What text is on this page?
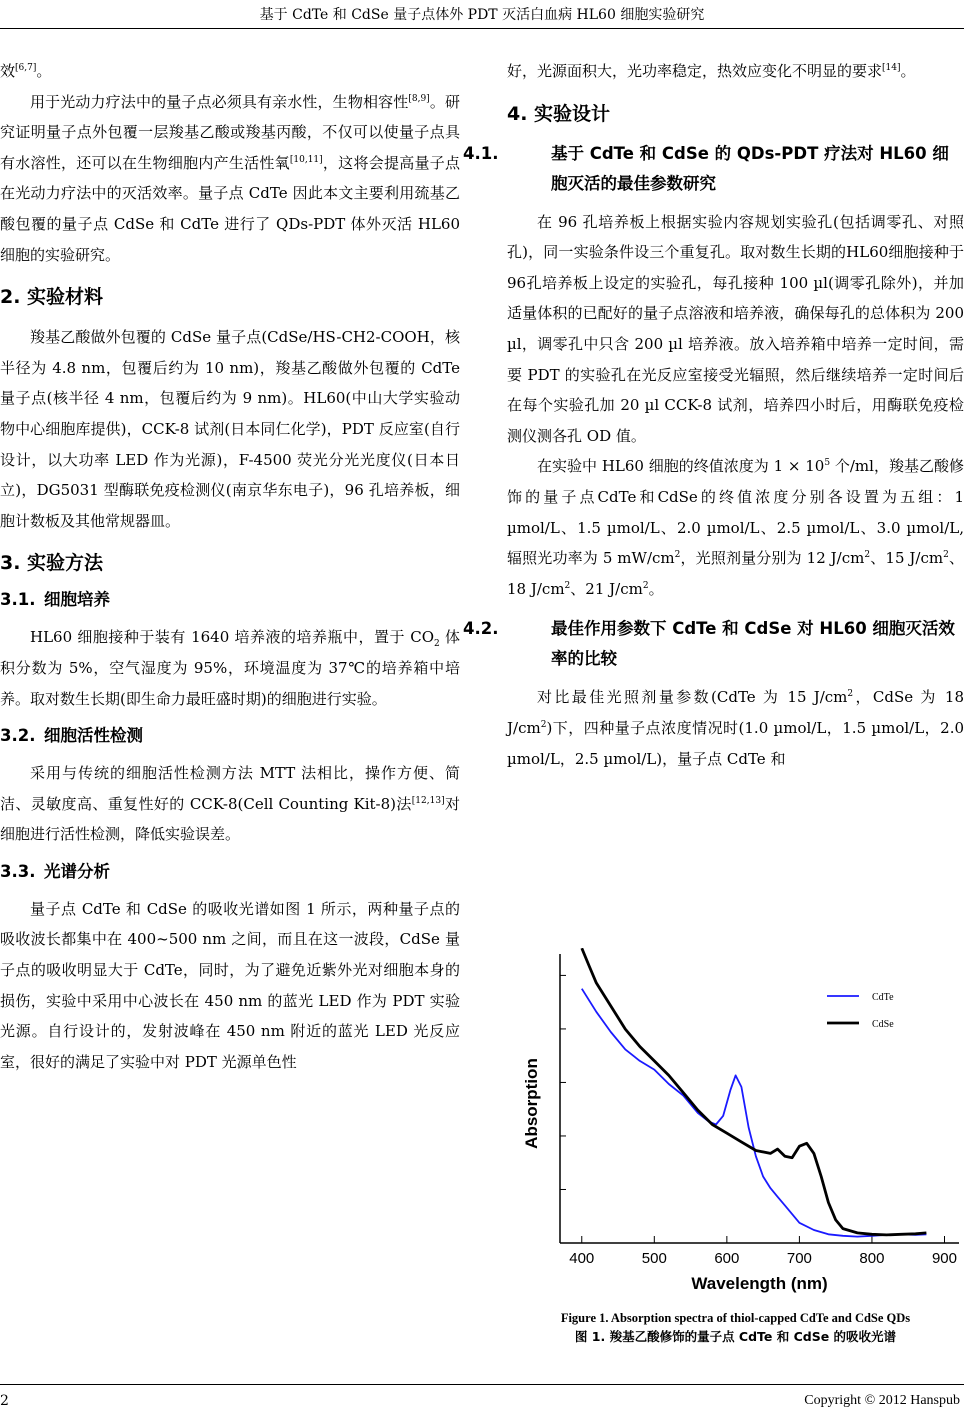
基于 CdTe 和 CdSe 量子点体外 PDT 灭活白血病 HL60 细胞实验研究

效[6,7]。

用于光动力疗法中的量子点必须具有亲水性，生物相容性[8,9]。研究证明量子点外包覆一层羧基乙酸或羧基丙酸，不仅可以使量子点具有水溶性，还可以在生物细胞内产生活性氧[10,11]，这将会提高量子点在光动力疗法中的灭活效率。量子点 CdTe 因此本文主要利用巯基乙酸包覆的量子点 CdSe 和 CdTe 进行了 QDs-PDT 体外灭活 HL60 细胞的实验研究。

2. 实验材料

羧基乙酸做外包覆的 CdSe 量子点(CdSe/HS-CH2-COOH，核半径为 4.8 nm，包覆后约为 10 nm)，羧基乙酸做外包覆的 CdTe 量子点(核半径 4 nm，包覆后约为 9 nm)。HL60(中山大学实验动物中心细胞库提供)，CCK-8 试剂(日本同仁化学)，PDT 反应室(自行设计，以大功率 LED 作为光源)，F-4500 荧光分光光度仪(日本日立)，DG5031 型酶联免疫检测仪(南京华东电子)，96 孔培养板，细胞计数板及其他常规器皿。

3. 实验方法
3.1. 细胞培养

HL60 细胞接种于装有 1640 培养液的培养瓶中，置于 $CO_2$ 体积分数为 5%，空气湿度为 95%，环境温度为 37℃的培养箱中培养。取对数生长期(即生命力最旺盛时期)的细胞进行实验。

3.2. 细胞活性检测

采用与传统的细胞活性检测方法 MTT 法相比，操作方便、简洁、灵敏度高、重复性好的 CCK-8(Cell Counting Kit-8)法[12,13]对细胞进行活性检测，降低实验误差。

3.3. 光谱分析

量子点 CdTe 和 CdSe 的吸收光谱如图 1 所示，两种量子点的吸收波长都集中在 400~500 nm 之间，而且在这一波段，CdSe 量子点的吸收明显大于 CdTe，同时，为了避免近紫外光对细胞本身的损伤，实验中采用中心波长在 450 nm 的蓝光 LED 作为 PDT 实验光源。自行设计的，发射波峰在 450 nm 附近的蓝光 LED 光反应室，很好的满足了实验中对 PDT 光源单色性

好，光源面积大，光功率稳定，热效应变化不明显的要求[14]。

4. 实验设计
4.1.	基于 CdTe 和 CdSe 的 QDs-PDT 疗法对 HL60 细胞灭活的最佳参数研究

在 96 孔培养板上根据实验内容规划实验孔(包括调零孔、对照孔)，同一实验条件设三个重复孔。取对数生长期的HL60细胞接种于96孔培养板上设定的实验孔，每孔接种 100 µl(调零孔除外)，并加适量体积的已配好的量子点溶液和培养液，确保每孔的总体积为 200 µl，调零孔中只含 200 µl 培养液。放入培养箱中培养一定时间，需要 PDT 的实验孔在光反应室接受光辐照，然后继续培养一定时间后在每个实验孔加 20 µl CCK-8 试剂，培养四小时后，用酶联免疫检测仪测各孔 OD 值。

在实验中 HL60 细胞的终值浓度为 $1 \times 10^5$ 个/ml，羧基乙酸修饰的量子点CdTe和CdSe的终值浓度分别各设置为五组：1 µmol/L、1.5 µmol/L、2.0 µmol/L、2.5 µmol/L、3.0 µmol/L,辐照光功率为 5 $mW/cm^2$，光照剂量分别为 12 $J/cm^2$、15 $J/cm^2$、18 $J/cm^2$、21 $J/cm^2$。

4.2.	最佳作用参数下 CdTe 和 CdSe 对 HL60 细胞灭活效率的比较

对比最佳光照剂量参数(CdTe 为 15 $J/cm^2$，CdSe 为 18 $J/cm^2$)下，四种量子点浓度情况时(1.0 µmol/L，1.5 µmol/L，2.0 µmol/L，2.5 µmol/L)，量子点 CdTe 和

400	500	600	700	800	900
Wavelength (nm)
Absorption
CdTe
CdSe
Figure 1. Absorption spectra of thiol-capped CdTe and CdSe QDs
图 1. 羧基乙酸修饰的量子点 CdTe 和 CdSe 的吸收光谱
2	Copyright © 2012 Hanspub
